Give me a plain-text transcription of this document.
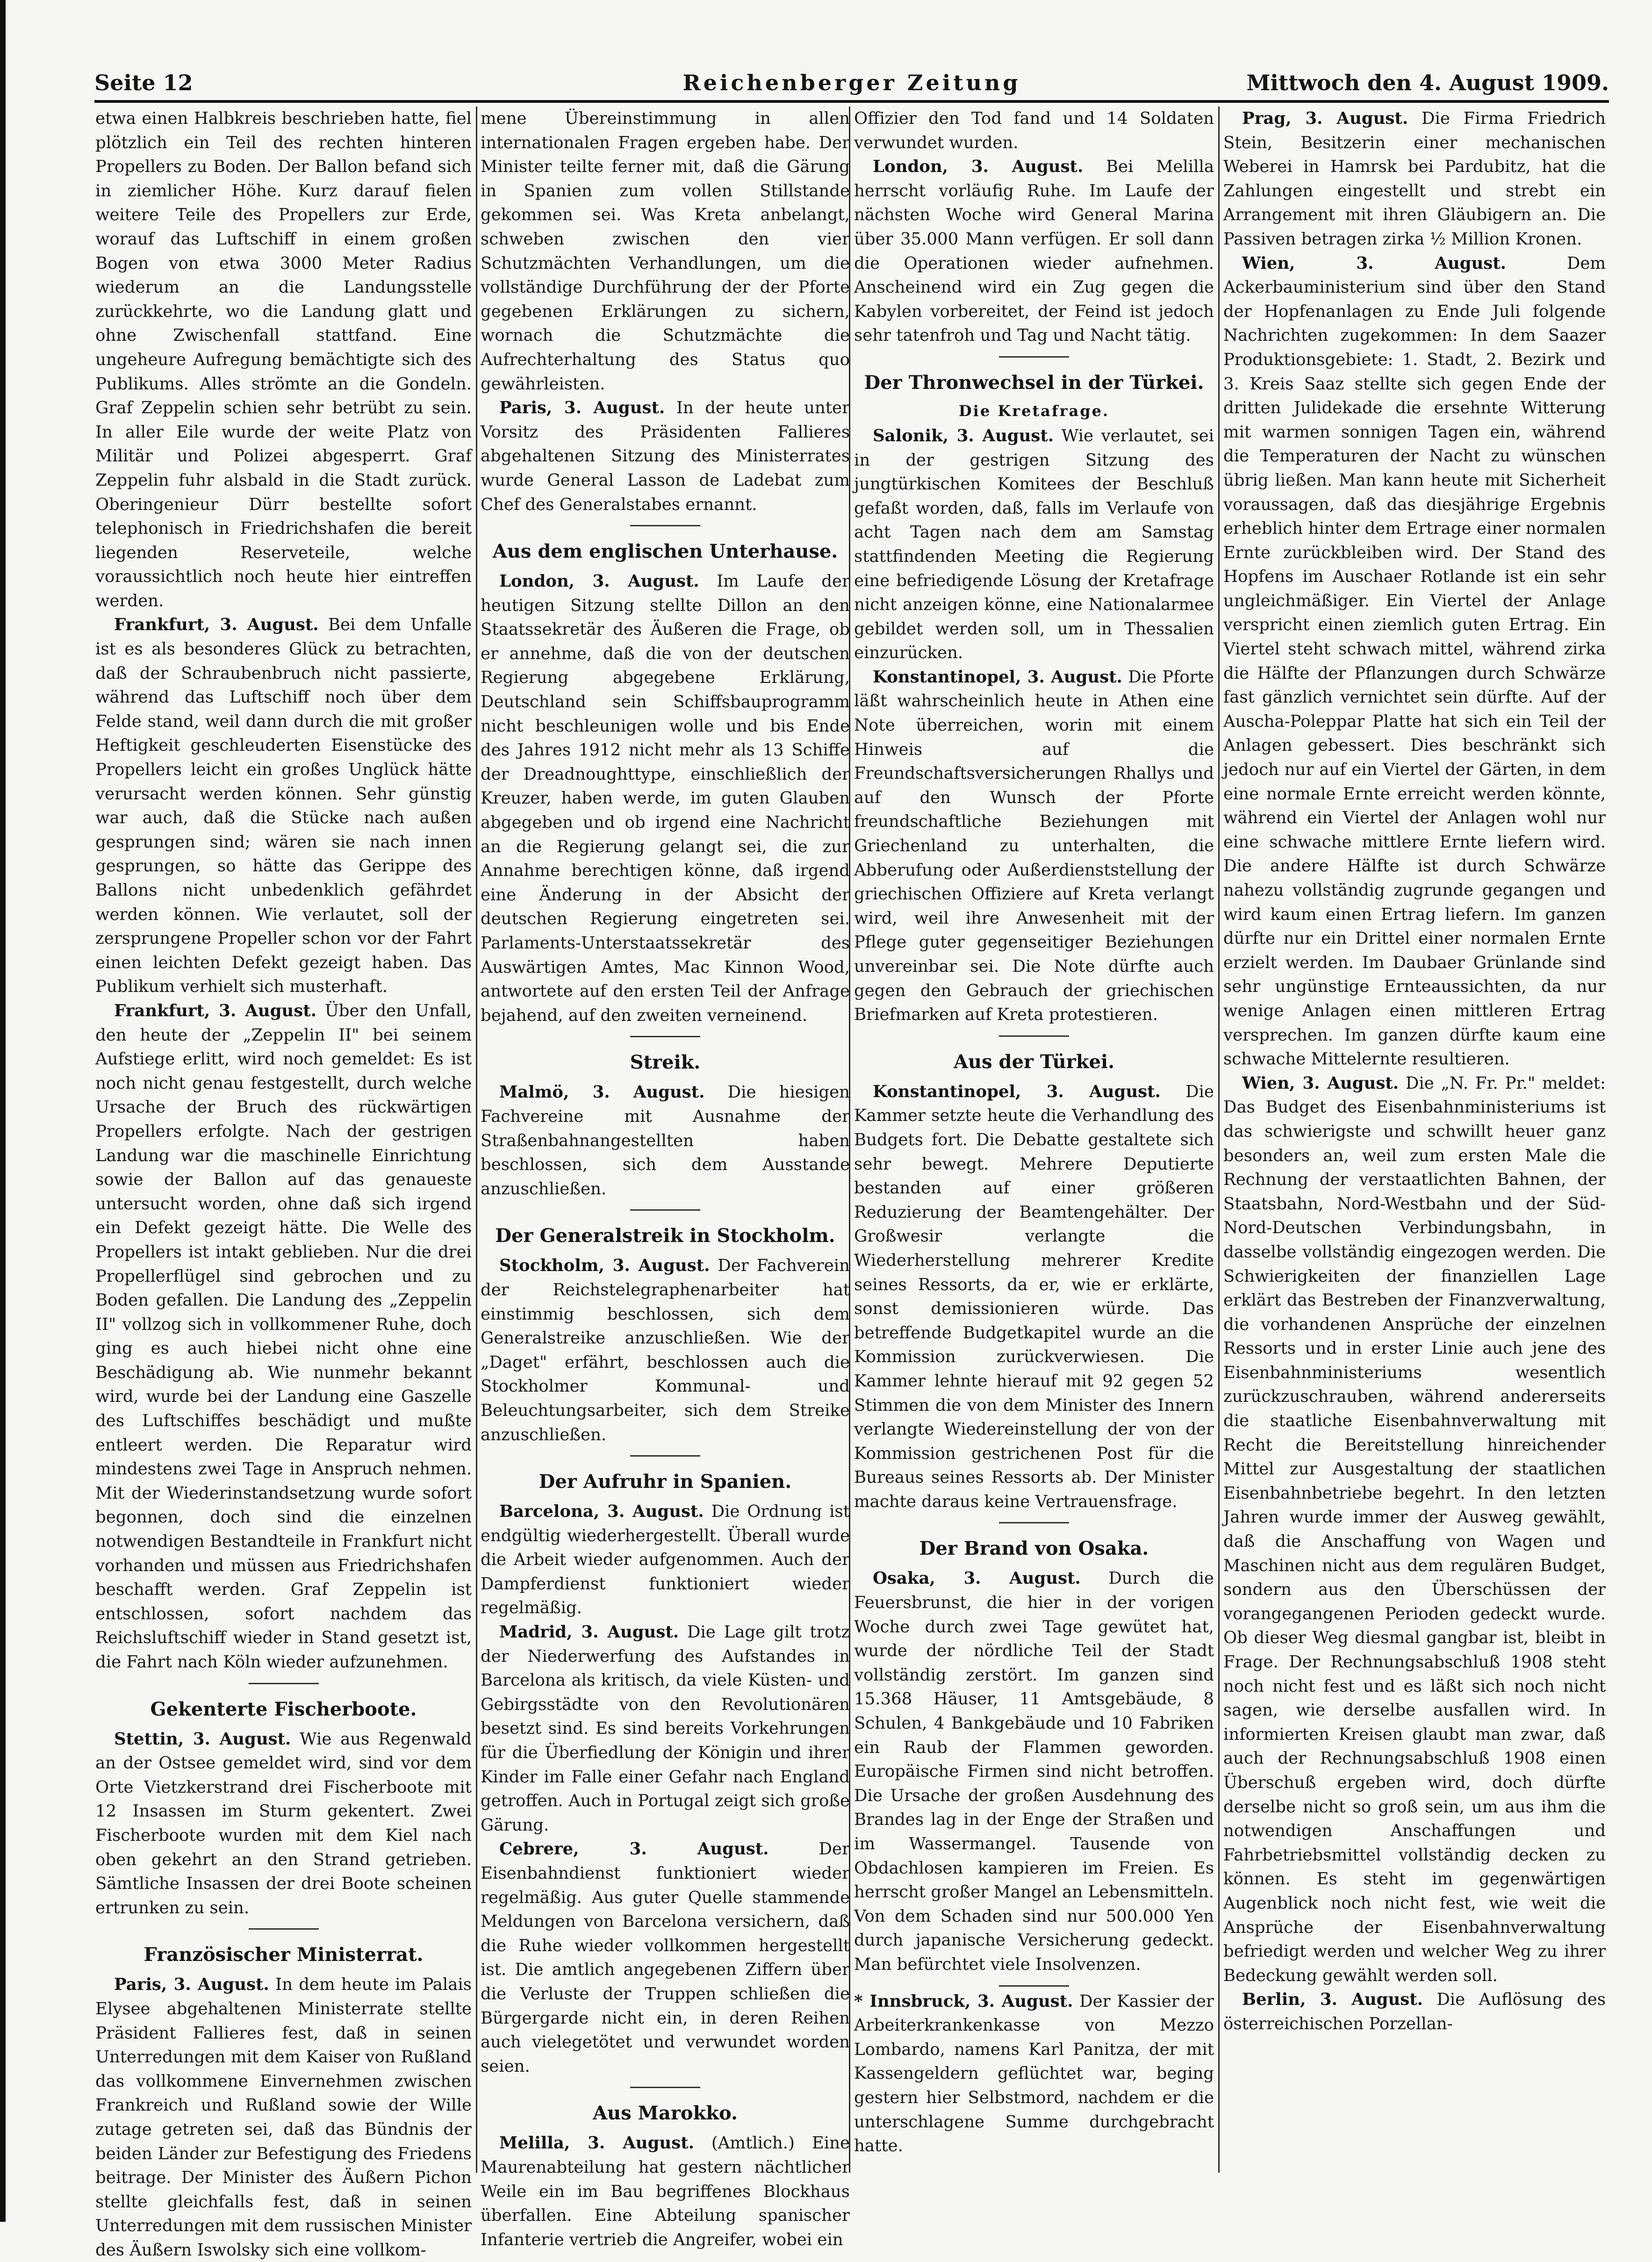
Seite 12	Reichenberger Zeitung	Mittwoch den 4. August 1909.

etwa einen Halbkreis beschrieben hatte, fiel plötzlich ein Teil des rechten hinteren Propellers zu Boden. Der Ballon befand sich in ziemlicher Höhe. Kurz darauf fielen weitere Teile des Propellers zur Erde, worauf das Luftschiff in einem großen Bogen von etwa 3000 Meter Radius wiederum an die Landungsstelle zurückkehrte, wo die Landung glatt und ohne Zwischenfall stattfand. Eine ungeheure Aufregung bemächtigte sich des Publikums. Alles strömte an die Gondeln. Graf Zeppelin schien sehr betrübt zu sein. In aller Eile wurde der weite Platz von Militär und Polizei abgesperrt. Graf Zeppelin fuhr alsbald in die Stadt zurück. Oberingenieur Dürr bestellte sofort telephonisch in Friedrichshafen die bereit liegenden Reserveteile, welche voraussichtlich noch heute hier eintreffen werden.

Frankfurt, 3. August. Bei dem Unfalle ist es als besonderes Glück zu betrachten, daß der Schraubenbruch nicht passierte, während das Luftschiff noch über dem Felde stand, weil dann durch die mit großer Heftigkeit geschleuderten Eisenstücke des Propellers leicht ein großes Unglück hätte verursacht werden können. Sehr günstig war auch, daß die Stücke nach außen gesprungen sind; wären sie nach innen gesprungen, so hätte das Gerippe des Ballons nicht unbedenklich gefährdet werden können. Wie verlautet, soll der zersprungene Propeller schon vor der Fahrt einen leichten Defekt gezeigt haben. Das Publikum verhielt sich musterhaft.

Frankfurt, 3. August. Über den Unfall, den heute der „Zeppelin II" bei seinem Aufstiege erlitt, wird noch gemeldet: Es ist noch nicht genau festgestellt, durch welche Ursache der Bruch des rückwärtigen Propellers erfolgte. Nach der gestrigen Landung war die maschinelle Einrichtung sowie der Ballon auf das genaueste untersucht worden, ohne daß sich irgend ein Defekt gezeigt hätte. Die Welle des Propellers ist intakt geblieben. Nur die drei Propellerflügel sind gebrochen und zu Boden gefallen. Die Landung des „Zeppelin II" vollzog sich in vollkommener Ruhe, doch ging es auch hiebei nicht ohne eine Beschädigung ab. Wie nunmehr bekannt wird, wurde bei der Landung eine Gaszelle des Luftschiffes beschädigt und mußte entleert werden. Die Reparatur wird mindestens zwei Tage in Anspruch nehmen. Mit der Wiederinstandsetzung wurde sofort begonnen, doch sind die einzelnen notwendigen Bestandteile in Frankfurt nicht vorhanden und müssen aus Friedrichshafen beschafft werden. Graf Zeppelin ist entschlossen, sofort nachdem das Reichsluftschiff wieder in Stand gesetzt ist, die Fahrt nach Köln wieder aufzunehmen.

Gekenterte Fischerboote.

Stettin, 3. August. Wie aus Regenwald an der Ostsee gemeldet wird, sind vor dem Orte Vietzkerstrand drei Fischerboote mit 12 Insassen im Sturm gekentert. Zwei Fischerboote wurden mit dem Kiel nach oben gekehrt an den Strand getrieben. Sämtliche Insassen der drei Boote scheinen ertrunken zu sein.

Französischer Ministerrat.

Paris, 3. August. In dem heute im Palais Elysee abgehaltenen Ministerrate stellte Präsident Fallieres fest, daß in seinen Unterredungen mit dem Kaiser von Rußland das vollkommene Einvernehmen zwischen Frankreich und Rußland sowie der Wille zutage getreten sei, daß das Bündnis der beiden Länder zur Befestigung des Friedens beitrage. Der Minister des Äußern Pichon stellte gleichfalls fest, daß in seinen Unterredungen mit dem russischen Minister des Äußern Iswolsky sich eine vollkom-

mene Übereinstimmung in allen internationalen Fragen ergeben habe. Der Minister teilte ferner mit, daß die Gärung in Spanien zum vollen Stillstande gekommen sei. Was Kreta anbelangt, schweben zwischen den vier Schutzmächten Verhandlungen, um die vollständige Durchführung der der Pforte gegebenen Erklärungen zu sichern, wornach die Schutzmächte die Aufrechterhaltung des Status quo gewährleisten.

Paris, 3. August. In der heute unter Vorsitz des Präsidenten Fallieres abgehaltenen Sitzung des Ministerrates wurde General Lasson de Ladebat zum Chef des Generalstabes ernannt.

Aus dem englischen Unterhause.

London, 3. August. Im Laufe der heutigen Sitzung stellte Dillon an den Staatssekretär des Äußeren die Frage, ob er annehme, daß die von der deutschen Regierung abgegebene Erklärung, Deutschland sein Schiffsbauprogramm nicht beschleunigen wolle und bis Ende des Jahres 1912 nicht mehr als 13 Schiffe der Dreadnoughttype, einschließlich der Kreuzer, haben werde, im guten Glauben abgegeben und ob irgend eine Nachricht an die Regierung gelangt sei, die zur Annahme berechtigen könne, daß irgend eine Änderung in der Absicht der deutschen Regierung eingetreten sei. Parlaments-Unterstaatssekretär des Auswärtigen Amtes, Mac Kinnon Wood, antwortete auf den ersten Teil der Anfrage bejahend, auf den zweiten verneinend.

Streik.

Malmö, 3. August. Die hiesigen Fachvereine mit Ausnahme der Straßenbahnangestellten haben beschlossen, sich dem Ausstande anzuschließen.

Der Generalstreik in Stockholm.

Stockholm, 3. August. Der Fachverein der Reichstelegraphenarbeiter hat einstimmig beschlossen, sich dem Generalstreike anzuschließen. Wie der „Daget" erfährt, beschlossen auch die Stockholmer Kommunal- und Beleuchtungsarbeiter, sich dem Streike anzuschließen.

Der Aufruhr in Spanien.

Barcelona, 3. August. Die Ordnung ist endgültig wiederhergestellt. Überall wurde die Arbeit wieder aufgenommen. Auch der Dampferdienst funktioniert wieder regelmäßig.

Madrid, 3. August. Die Lage gilt trotz der Niederwerfung des Aufstandes in Barcelona als kritisch, da viele Küsten- und Gebirgsstädte von den Revolutionären besetzt sind. Es sind bereits Vorkehrungen für die Überfiedlung der Königin und ihrer Kinder im Falle einer Gefahr nach England getroffen. Auch in Portugal zeigt sich große Gärung.

Cebrere, 3. August.	Der Eisenbahndienst funktioniert wieder regelmäßig. Aus guter Quelle stammende Meldungen von Barcelona versichern, daß die Ruhe wieder vollkommen hergestellt ist. Die amtlich angegebenen Ziffern über die Verluste der Truppen schließen die Bürgergarde nicht ein, in deren Reihen auch vielegetötet und verwundet worden seien.

Aus Marokko.

Melilla, 3. August. (Amtlich.) Eine Maurenabteilung hat gestern nächtlicher Weile ein im Bau begriffenes Blockhaus überfallen. Eine Abteilung spanischer Infanterie vertrieb die Angreifer, wobei ein

Offizier den Tod fand und 14 Soldaten verwundet wurden.

London, 3. August. Bei Melilla herrscht vorläufig Ruhe. Im Laufe der nächsten Woche wird General Marina über 35.000 Mann verfügen. Er soll dann die Operationen wieder aufnehmen. Anscheinend wird ein Zug gegen die Kabylen vorbereitet, der Feind ist jedoch sehr tatenfroh und Tag und Nacht tätig.

Der Thronwechsel in der Türkei.
Die Kretafrage.

Salonik, 3. August. Wie verlautet, sei in der gestrigen Sitzung des jungtürkischen Komitees der Beschluß gefaßt worden, daß, falls im Verlaufe von acht Tagen nach dem am Samstag stattfindenden Meeting die Regierung eine befriedigende Lösung der Kretafrage nicht anzeigen könne, eine Nationalarmee gebildet werden soll, um in Thessalien einzurücken.

Konstantinopel, 3. August. Die Pforte läßt wahrscheinlich heute in Athen eine Note überreichen, worin mit einem Hinweis auf die Freundschaftsversicherungen Rhallys und auf den Wunsch der Pforte freundschaftliche Beziehungen mit Griechenland zu unterhalten, die Abberufung oder Außerdienststellung der griechischen Offiziere auf Kreta verlangt wird, weil ihre Anwesenheit mit der Pflege guter gegenseitiger Beziehungen unvereinbar sei. Die Note dürfte auch gegen den Gebrauch der griechischen Briefmarken auf Kreta protestieren.

Aus der Türkei.

Konstantinopel, 3. August. Die Kammer setzte heute die Verhandlung des Budgets fort. Die Debatte gestaltete sich sehr bewegt. Mehrere Deputierte bestanden auf einer größeren Reduzierung der Beamtengehälter. Der Großwesir verlangte die Wiederherstellung mehrerer Kredite seines Ressorts, da er, wie er erklärte, sonst demissionieren würde. Das betreffende Budgetkapitel wurde an die Kommission zurückverwiesen. Die Kammer lehnte hierauf mit 92 gegen 52 Stimmen die von dem Minister des Innern verlangte Wiedereinstellung der von der Kommission gestrichenen Post für die Bureaus seines Ressorts ab. Der Minister machte daraus keine Vertrauensfrage.

Der Brand von Osaka.

Osaka, 3. August. Durch die Feuersbrunst, die hier in der vorigen Woche durch zwei Tage gewütet hat, wurde der nördliche Teil der Stadt vollständig zerstört. Im ganzen sind 15.368 Häuser, 11 Amtsgebäude, 8 Schulen, 4 Bankgebäude und 10 Fabriken ein Raub der Flammen geworden. Europäische Firmen sind nicht betroffen. Die Ursache der großen Ausdehnung des Brandes lag in der Enge der Straßen und im Wassermangel. Tausende von Obdachlosen kampieren im Freien. Es herrscht großer Mangel an Lebensmitteln. Von dem Schaden sind nur 500.000 Yen durch japanische Versicherung gedeckt. Man befürchtet viele Insolvenzen.

* Innsbruck, 3. August. Der Kassier der Arbeiterkrankenkasse von Mezzo Lombardo, namens Karl Panitza, der mit Kassengeldern geflüchtet war, beging gestern hier Selbstmord, nachdem er die unterschlagene Summe durchgebracht hatte.

Prag, 3. August. Die Firma Friedrich Stein, Besitzerin einer mechanischen Weberei in Hamrsk bei Pardubitz, hat die Zahlungen eingestellt und strebt ein Arrangement mit ihren Gläubigern an. Die Passiven betragen zirka ½ Million Kronen.

Wien, 3. August.	Dem Ackerbauministerium sind über den Stand der Hopfenanlagen zu Ende Juli folgende Nachrichten zugekommen: In dem Saazer Produktionsgebiete: 1. Stadt, 2. Bezirk und 3. Kreis Saaz stellte sich gegen Ende der dritten Julidekade die ersehnte Witterung mit warmen sonnigen Tagen ein, während die Temperaturen der Nacht zu wünschen übrig ließen. Man kann heute mit Sicherheit voraussagen, daß das diesjährige Ergebnis erheblich hinter dem Ertrage einer normalen Ernte zurückbleiben wird. Der Stand des Hopfens im Auschaer Rotlande ist ein sehr ungleichmäßiger. Ein Viertel der Anlage verspricht einen ziemlich guten Ertrag. Ein Viertel steht schwach mittel, während zirka die Hälfte der Pflanzungen durch Schwärze fast gänzlich vernichtet sein dürfte. Auf der Auscha-Poleppar Platte hat sich ein Teil der Anlagen gebessert. Dies beschränkt sich jedoch nur auf ein Viertel der Gärten, in dem eine normale Ernte erreicht werden könnte, während ein Viertel der Anlagen wohl nur eine schwache mittlere Ernte liefern wird. Die andere Hälfte ist durch Schwärze nahezu vollständig zugrunde gegangen und wird kaum einen Ertrag liefern. Im ganzen dürfte nur ein Drittel einer normalen Ernte erzielt werden. Im Daubaer Grünlande sind sehr ungünstige Ernteaussichten, da nur wenige Anlagen einen mittleren Ertrag versprechen. Im ganzen dürfte kaum eine schwache Mittelernte resultieren.

Wien, 3. August. Die „N. Fr. Pr." meldet: Das Budget des Eisenbahnministeriums ist das schwierigste und schwillt heuer ganz besonders an, weil zum ersten Male die Rechnung der verstaatlichten Bahnen, der Staatsbahn, Nord-Westbahn und der Süd-Nord-Deutschen Verbindungsbahn, in dasselbe vollständig eingezogen werden. Die Schwierigkeiten der finanziellen Lage erklärt das Bestreben der Finanzverwaltung, die vorhandenen Ansprüche der einzelnen Ressorts und in erster Linie auch jene des Eisenbahnministeriums wesentlich zurückzuschrauben, während andererseits die staatliche Eisenbahnverwaltung mit Recht die Bereitstellung hinreichender Mittel zur Ausgestaltung der staatlichen Eisenbahnbetriebe begehrt. In den letzten Jahren wurde immer der Ausweg gewählt, daß die Anschaffung von Wagen und Maschinen nicht aus dem regulären Budget, sondern aus den Überschüssen der vorangegangenen Perioden gedeckt wurde. Ob dieser Weg diesmal gangbar ist, bleibt in Frage. Der Rechnungsabschluß 1908 steht noch nicht fest und es läßt sich noch nicht sagen, wie derselbe ausfallen wird. In informierten Kreisen glaubt man zwar, daß auch der Rechnungsabschluß 1908 einen Überschuß ergeben wird, doch dürfte derselbe nicht so groß sein, um aus ihm die notwendigen Anschaffungen und Fahrbetriebsmittel vollständig decken zu können. Es steht im gegenwärtigen Augenblick noch nicht fest, wie weit die Ansprüche der Eisenbahnverwaltung befriedigt werden und welcher Weg zu ihrer Bedeckung gewählt werden soll.

Berlin, 3. August. Die Auflösung des österreichischen Porzellan-
